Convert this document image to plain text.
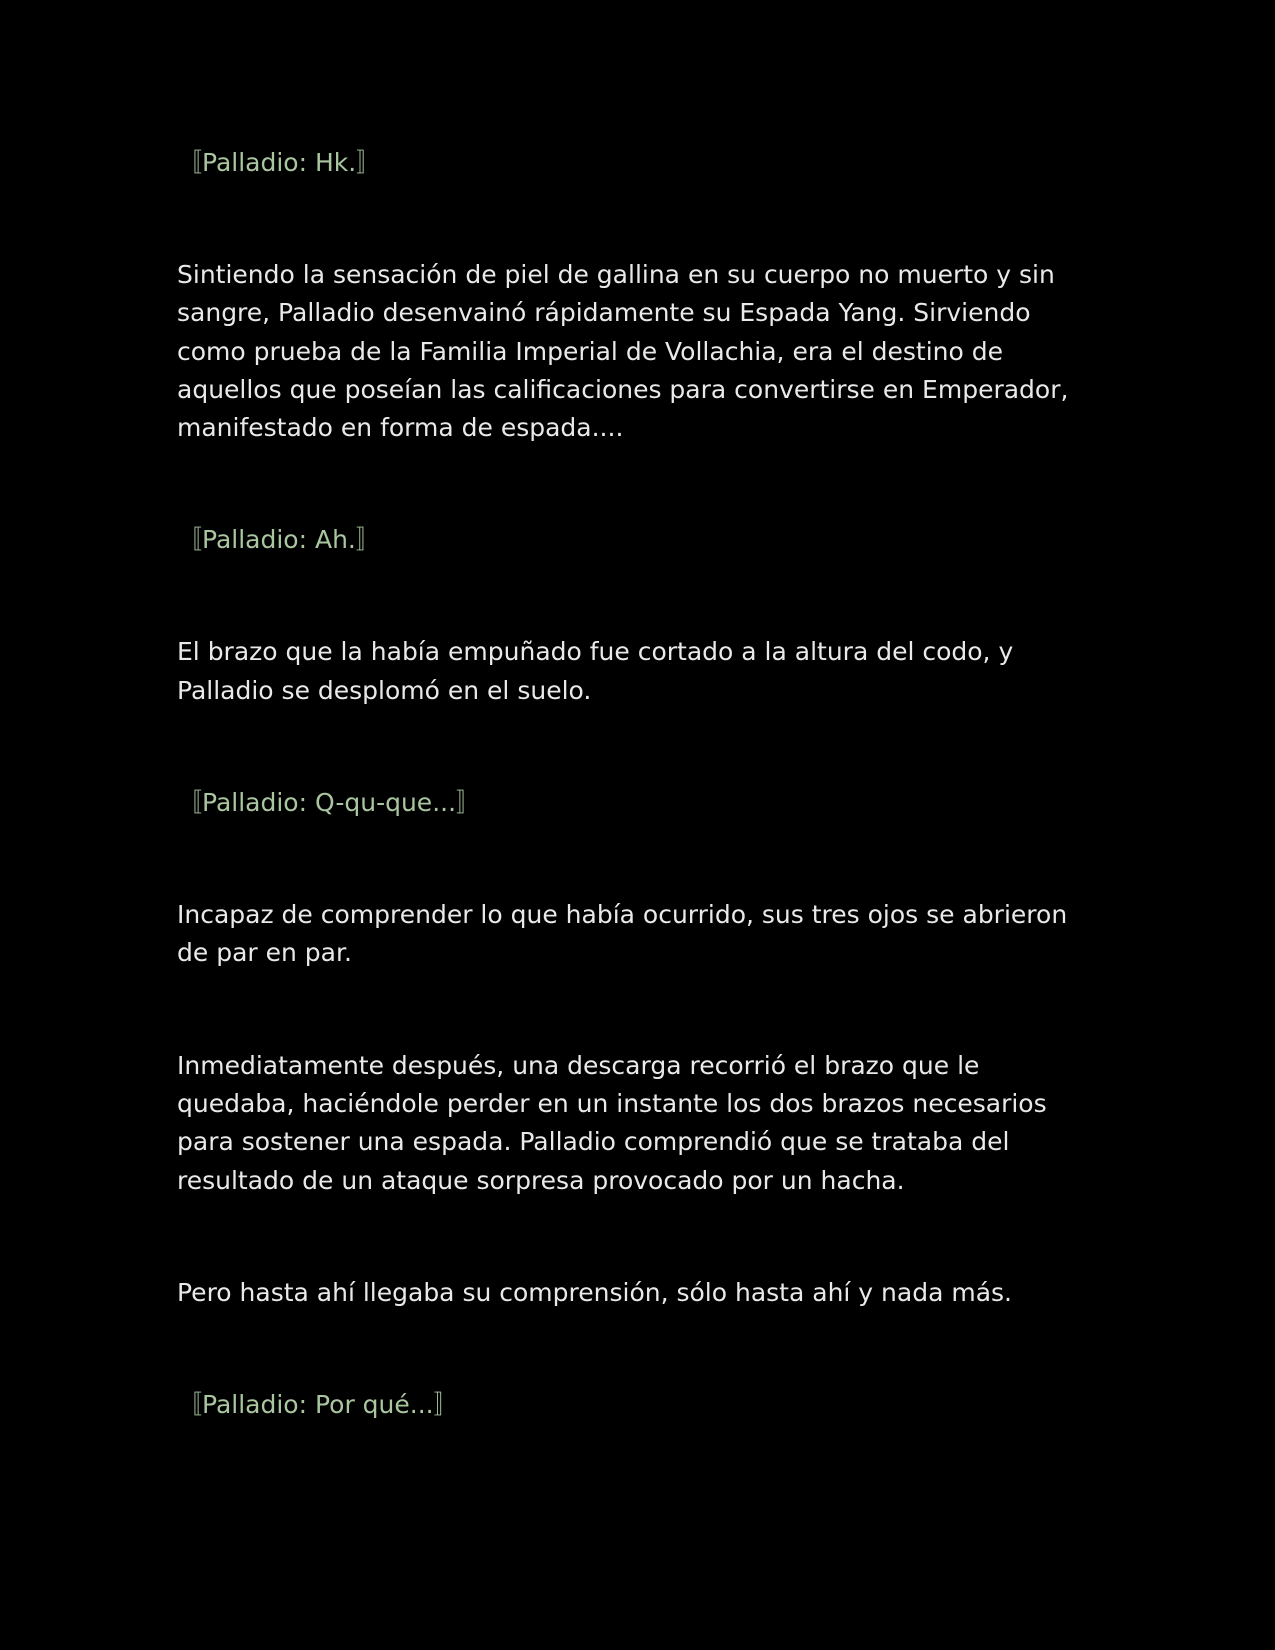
〚Palladio: Hk.〛

Sintiendo la sensación de piel de gallina en su cuerpo no muerto y sin sangre, Palladio desenvainó rápidamente su Espada Yang. Sirviendo como prueba de la Familia Imperial de Vollachia, era el destino de aquellos que poseían las calificaciones para convertirse en Emperador, manifestado en forma de espada....

〚Palladio: Ah.〛

El brazo que la había empuñado fue cortado a la altura del codo, y Palladio se desplomó en el suelo.

〚Palladio: Q-qu-que...〛

Incapaz de comprender lo que había ocurrido, sus tres ojos se abrieron de par en par.

Inmediatamente después, una descarga recorrió el brazo que le quedaba, haciéndole perder en un instante los dos brazos necesarios para sostener una espada. Palladio comprendió que se trataba del resultado de un ataque sorpresa provocado por un hacha.

Pero hasta ahí llegaba su comprensión, sólo hasta ahí y nada más.

〚Palladio: Por qué...〛
